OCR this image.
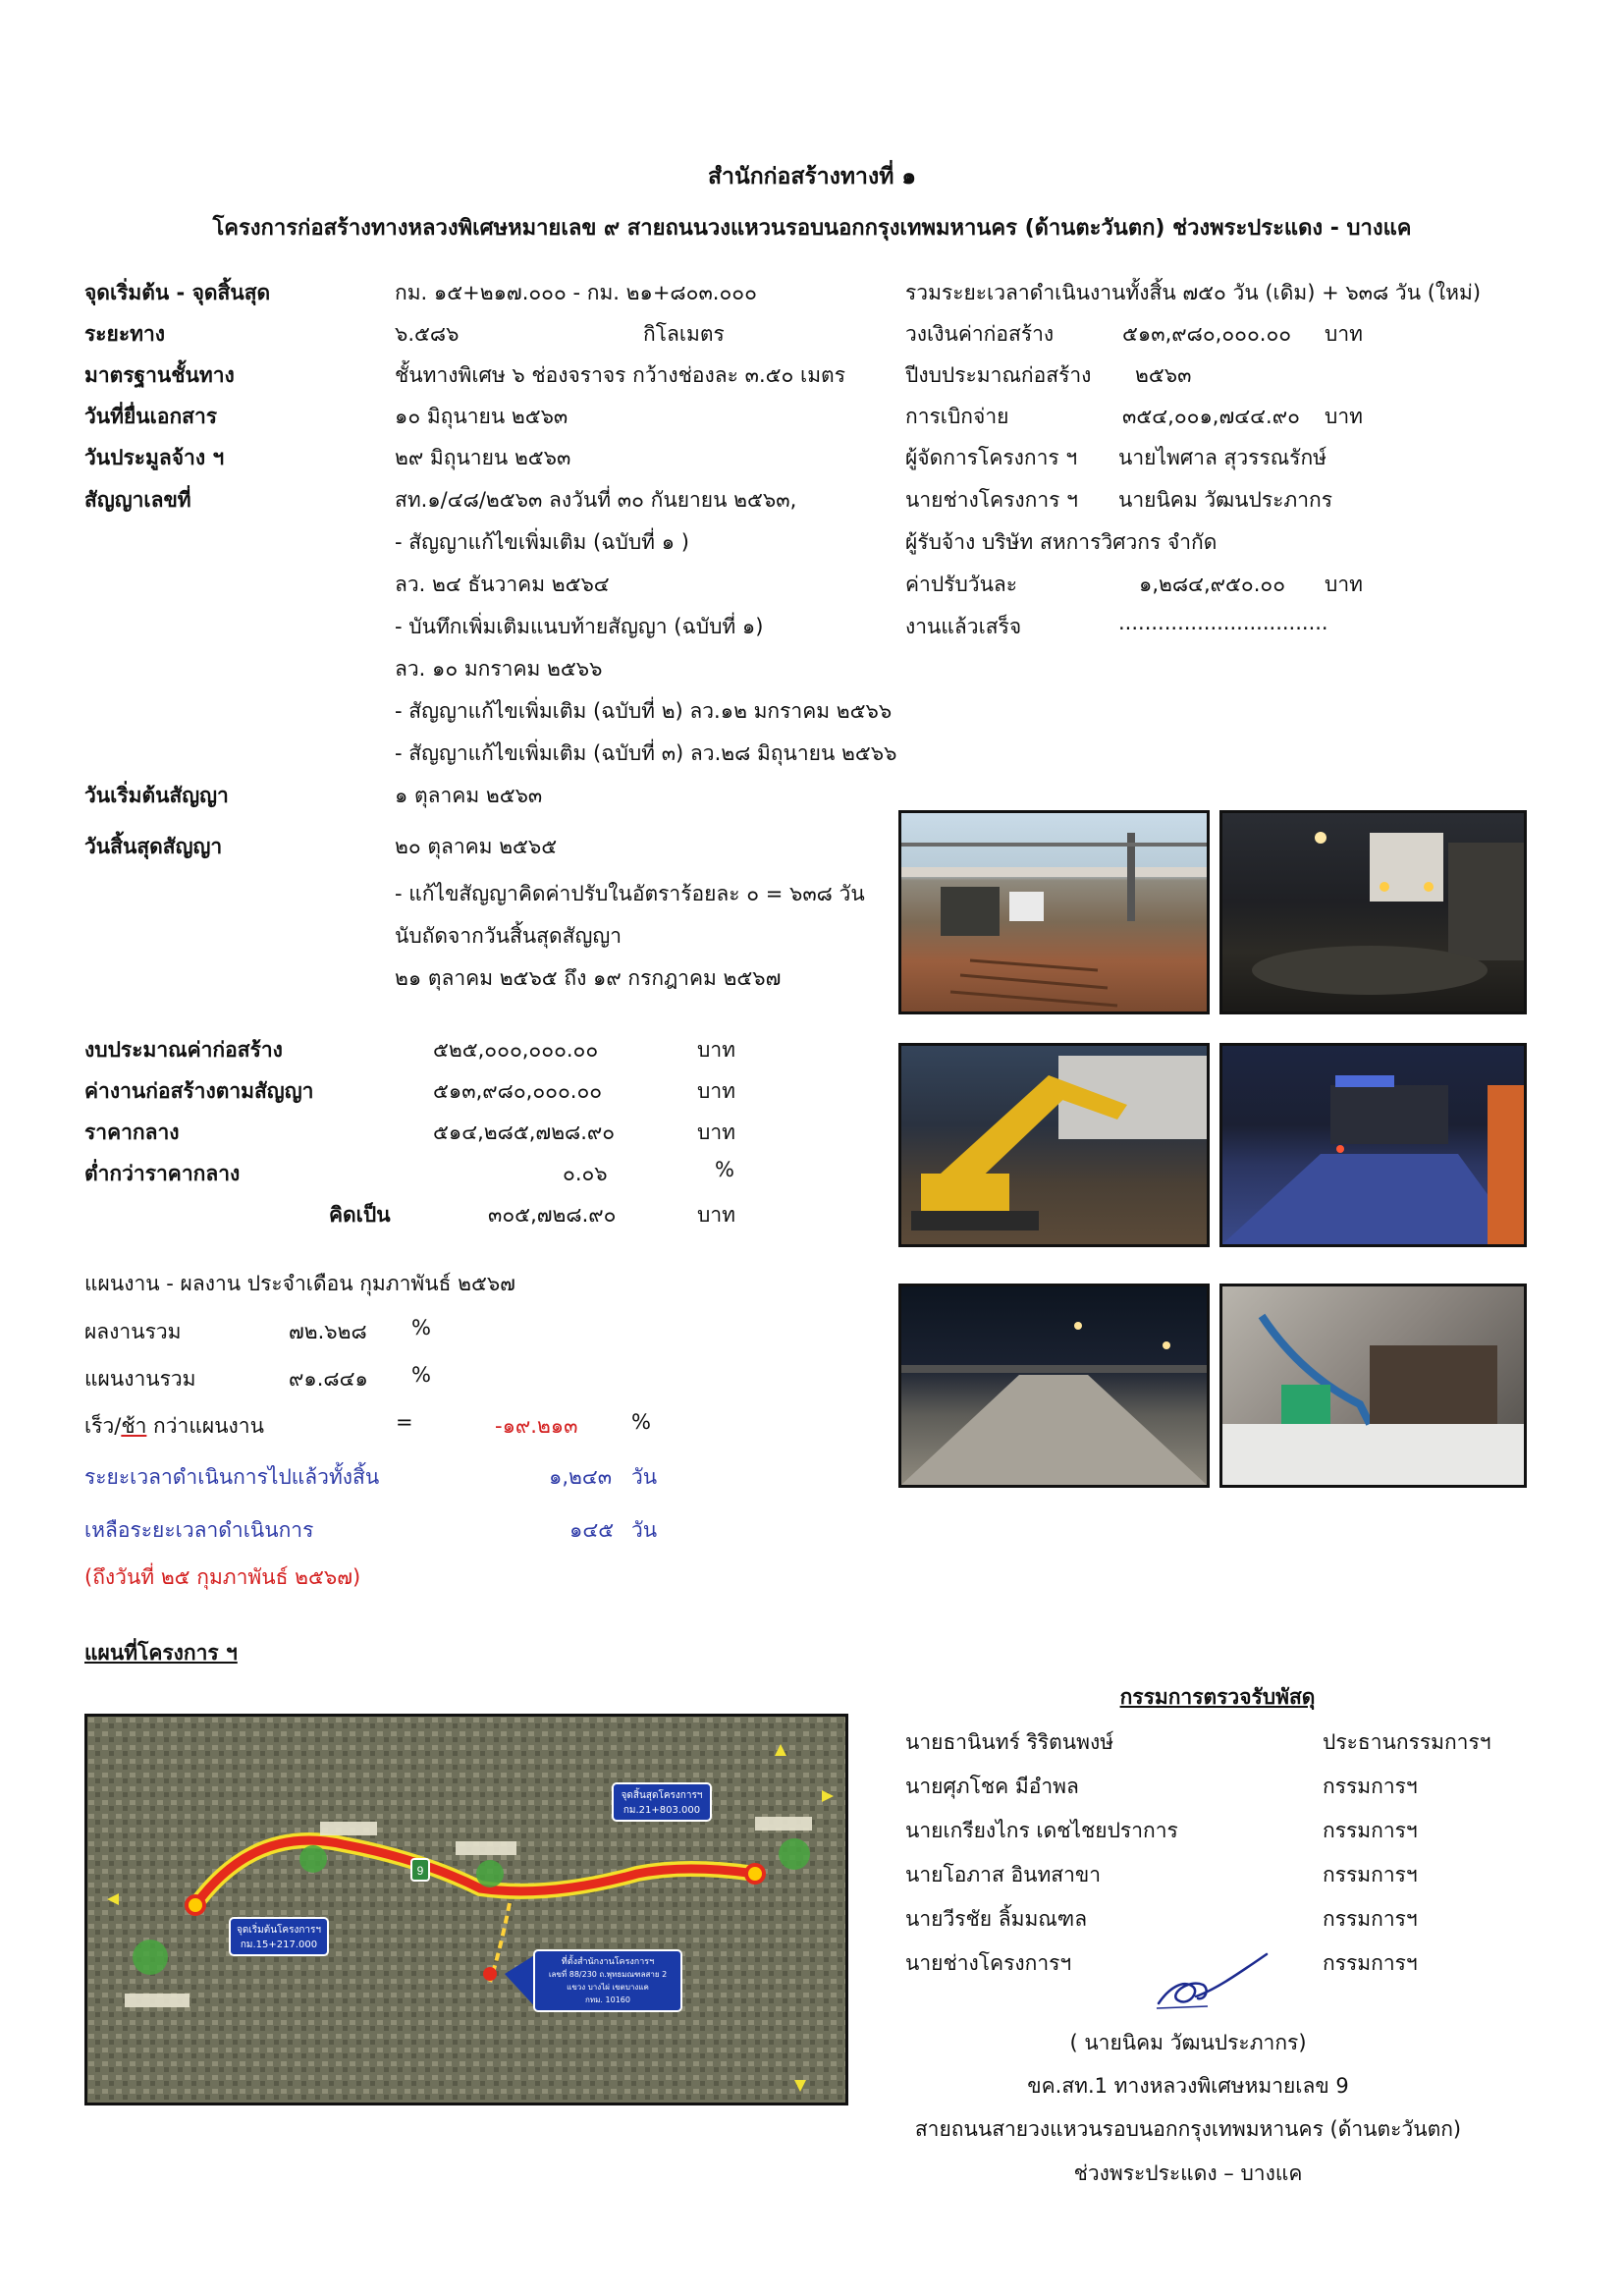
สำนักก่อสร้างทางที่ ๑
โครงการก่อสร้างทางหลวงพิเศษหมายเลข ๙ สายถนนวงแหวนรอบนอกกรุงเทพมหานคร (ด้านตะวันตก) ช่วงพระประแดง - บางแค
จุดเริ่มต้น - จุดสิ้นสุด	กม. ๑๕+๒๑๗.๐๐๐ - กม. ๒๑+๘๐๓.๐๐๐
ระยะทาง	๖.๕๘๖	กิโลเมตร
มาตรฐานชั้นทาง	ชั้นทางพิเศษ ๖ ช่องจราจร กว้างช่องละ ๓.๕๐ เมตร
วันที่ยื่นเอกสาร	๑๐ มิถุนายน ๒๕๖๓
วันประมูลจ้าง ฯ	๒๙ มิถุนายน ๒๕๖๓
สัญญาเลขที่	สท.๑/๔๘/๒๕๖๓ ลงวันที่ ๓๐ กันยายน ๒๕๖๓,
- สัญญาแก้ไขเพิ่มเติม (ฉบับที่ ๑ )
ลว. ๒๔ ธันวาคม ๒๕๖๔
- บันทึกเพิ่มเติมแนบท้ายสัญญา (ฉบับที่ ๑)
ลว. ๑๐ มกราคม ๒๕๖๖
- สัญญาแก้ไขเพิ่มเติม (ฉบับที่ ๒) ลว.๑๒ มกราคม ๒๕๖๖
- สัญญาแก้ไขเพิ่มเติม (ฉบับที่ ๓) ลว.๒๘ มิถุนายน ๒๕๖๖
วันเริ่มต้นสัญญา	๑ ตุลาคม ๒๕๖๓
วันสิ้นสุดสัญญา	๒๐ ตุลาคม ๒๕๖๕
- แก้ไขสัญญาคิดค่าปรับในอัตราร้อยละ ๐ = ๖๓๘ วัน
นับถัดจากวันสิ้นสุดสัญญา
๒๑ ตุลาคม ๒๕๖๕ ถึง ๑๙ กรกฎาคม ๒๕๖๗
รวมระยะเวลาดำเนินงานทั้งสิ้น ๗๕๐ วัน (เดิม) + ๖๓๘ วัน (ใหม่)
วงเงินค่าก่อสร้าง	๕๑๓,๙๘๐,๐๐๐.๐๐ บาท
ปีงบประมาณก่อสร้าง ๒๕๖๓
การเบิกจ่าย	๓๕๔,๐๐๑,๗๔๔.๙๐ บาท
ผู้จัดการโครงการ ฯ นายไพศาล สุวรรณรักษ์
นายช่างโครงการ ฯ นายนิคม วัฒนประภากร
ผู้รับจ้าง บริษัท สหการวิศวกร จำกัด
ค่าปรับวันละ	๑,๒๘๔,๙๕๐.๐๐ บาท
งานแล้วเสร็จ	................................
งบประมาณค่าก่อสร้าง	๕๒๕,๐๐๐,๐๐๐.๐๐	บาท
ค่างานก่อสร้างตามสัญญา	๕๑๓,๙๘๐,๐๐๐.๐๐	บาท
ราคากลาง	๕๑๔,๒๘๕,๗๒๘.๙๐	บาท
ต่ำกว่าราคากลาง	๐.๐๖	%
คิดเป็น	๓๐๕,๗๒๘.๙๐	บาท
แผนงาน - ผลงาน ประจำเดือน กุมภาพันธ์ ๒๕๖๗
ผลงานรวม	๗๒.๖๒๘ %
แผนงานรวม	๙๑.๘๔๑ %
เร็ว/ช้า กว่าแผนงาน	=	-๑๙.๒๑๓	%
ระยะเวลาดำเนินการไปแล้วทั้งสิ้น	๑,๒๔๓ วัน
เหลือระยะเวลาดำเนินการ	๑๔๕ วัน
(ถึงวันที่ ๒๕ กุมภาพันธ์ ๒๕๖๗)
แผนที่โครงการ ฯ
9
จุดเริ่มต้นโครงการฯ
กม.15+217.000
จุดสิ้นสุดโครงการฯ
กม.21+803.000
ที่ตั้งสำนักงานโครงการฯ
เลขที่ 88/230 ถ.พุทธมณฑลสาย 2
แขวง บางไผ่ เขตบางแค
กทม. 10160
กรรมการตรวจรับพัสดุ
นายธานินทร์ ริริตนพงษ์	ประธานกรรมการฯ
นายศุภโชค มีอำพล	กรรมการฯ
นายเกรียงไกร เดชไชยปราการ	กรรมการฯ
นายโอภาส อินทสาขา	กรรมการฯ
นายวีรชัย ลิ้มมณฑล	กรรมการฯ
นายช่างโครงการฯ	กรรมการฯ
( นายนิคม วัฒนประภากร)
ขค.สท.1 ทางหลวงพิเศษหมายเลข 9
สายถนนสายวงแหวนรอบนอกกรุงเทพมหานคร (ด้านตะวันตก)
ช่วงพระประแดง – บางแค
